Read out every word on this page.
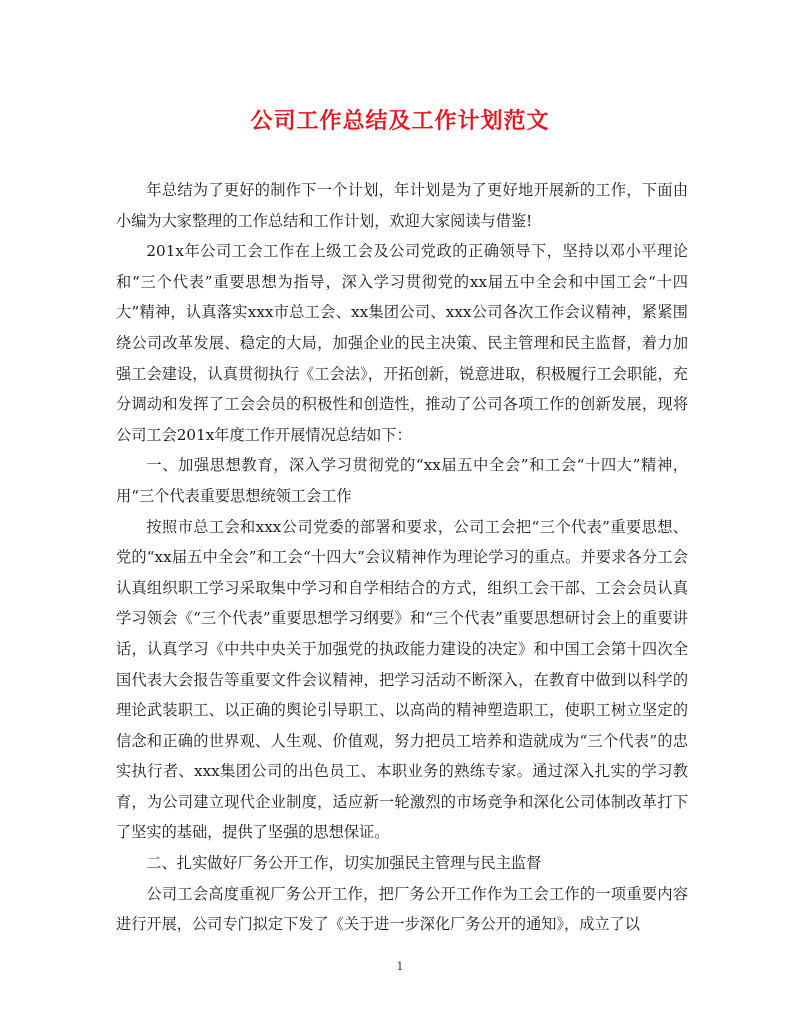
公司工作总结及工作计划范文

年总结为了更好的制作下一个计划，年计划是为了更好地开展新的工作，下面由小编为大家整理的工作总结和工作计划，欢迎大家阅读与借鉴!

201x年公司工会工作在上级工会及公司党政的正确领导下，坚持以邓小平理论和“三个代表”重要思想为指导，深入学习贯彻党的xx届五中全会和中国工会“十四大”精神，认真落实xxx市总工会、xx集团公司、xxx公司各次工作会议精神，紧紧围绕公司改革发展、稳定的大局，加强企业的民主决策、民主管理和民主监督，着力加强工会建设，认真贯彻执行《工会法》，开拓创新，锐意进取，积极履行工会职能，充分调动和发挥了工会会员的积极性和创造性，推动了公司各项工作的创新发展，现将公司工会201x年度工作开展情况总结如下：

一、加强思想教育，深入学习贯彻党的“xx届五中全会”和工会“十四大”精神，用“三个代表重要思想统领工会工作

按照市总工会和xxx公司党委的部署和要求，公司工会把“三个代表”重要思想、党的“xx届五中全会”和工会“十四大”会议精神作为理论学习的重点。并要求各分工会认真组织职工学习采取集中学习和自学相结合的方式，组织工会干部、工会会员认真学习领会《“三个代表”重要思想学习纲要》和“三个代表”重要思想研讨会上的重要讲话，认真学习《中共中央关于加强党的执政能力建设的决定》和中国工会第十四次全国代表大会报告等重要文件会议精神，把学习活动不断深入，在教育中做到以科学的理论武装职工、以正确的舆论引导职工、以高尚的精神塑造职工，使职工树立坚定的信念和正确的世界观、人生观、价值观，努力把员工培养和造就成为“三个代表”的忠实执行者、xxx集团公司的出色员工、本职业务的熟练专家。通过深入扎实的学习教育，为公司建立现代企业制度，适应新一轮激烈的市场竞争和深化公司体制改革打下了坚实的基础，提供了坚强的思想保证。

二、扎实做好厂务公开工作，切实加强民主管理与民主监督

公司工会高度重视厂务公开工作，把厂务公开工作作为工会工作的一项重要内容进行开展，公司专门拟定下发了《关于进一步深化厂务公开的通知》，成立了以

1
